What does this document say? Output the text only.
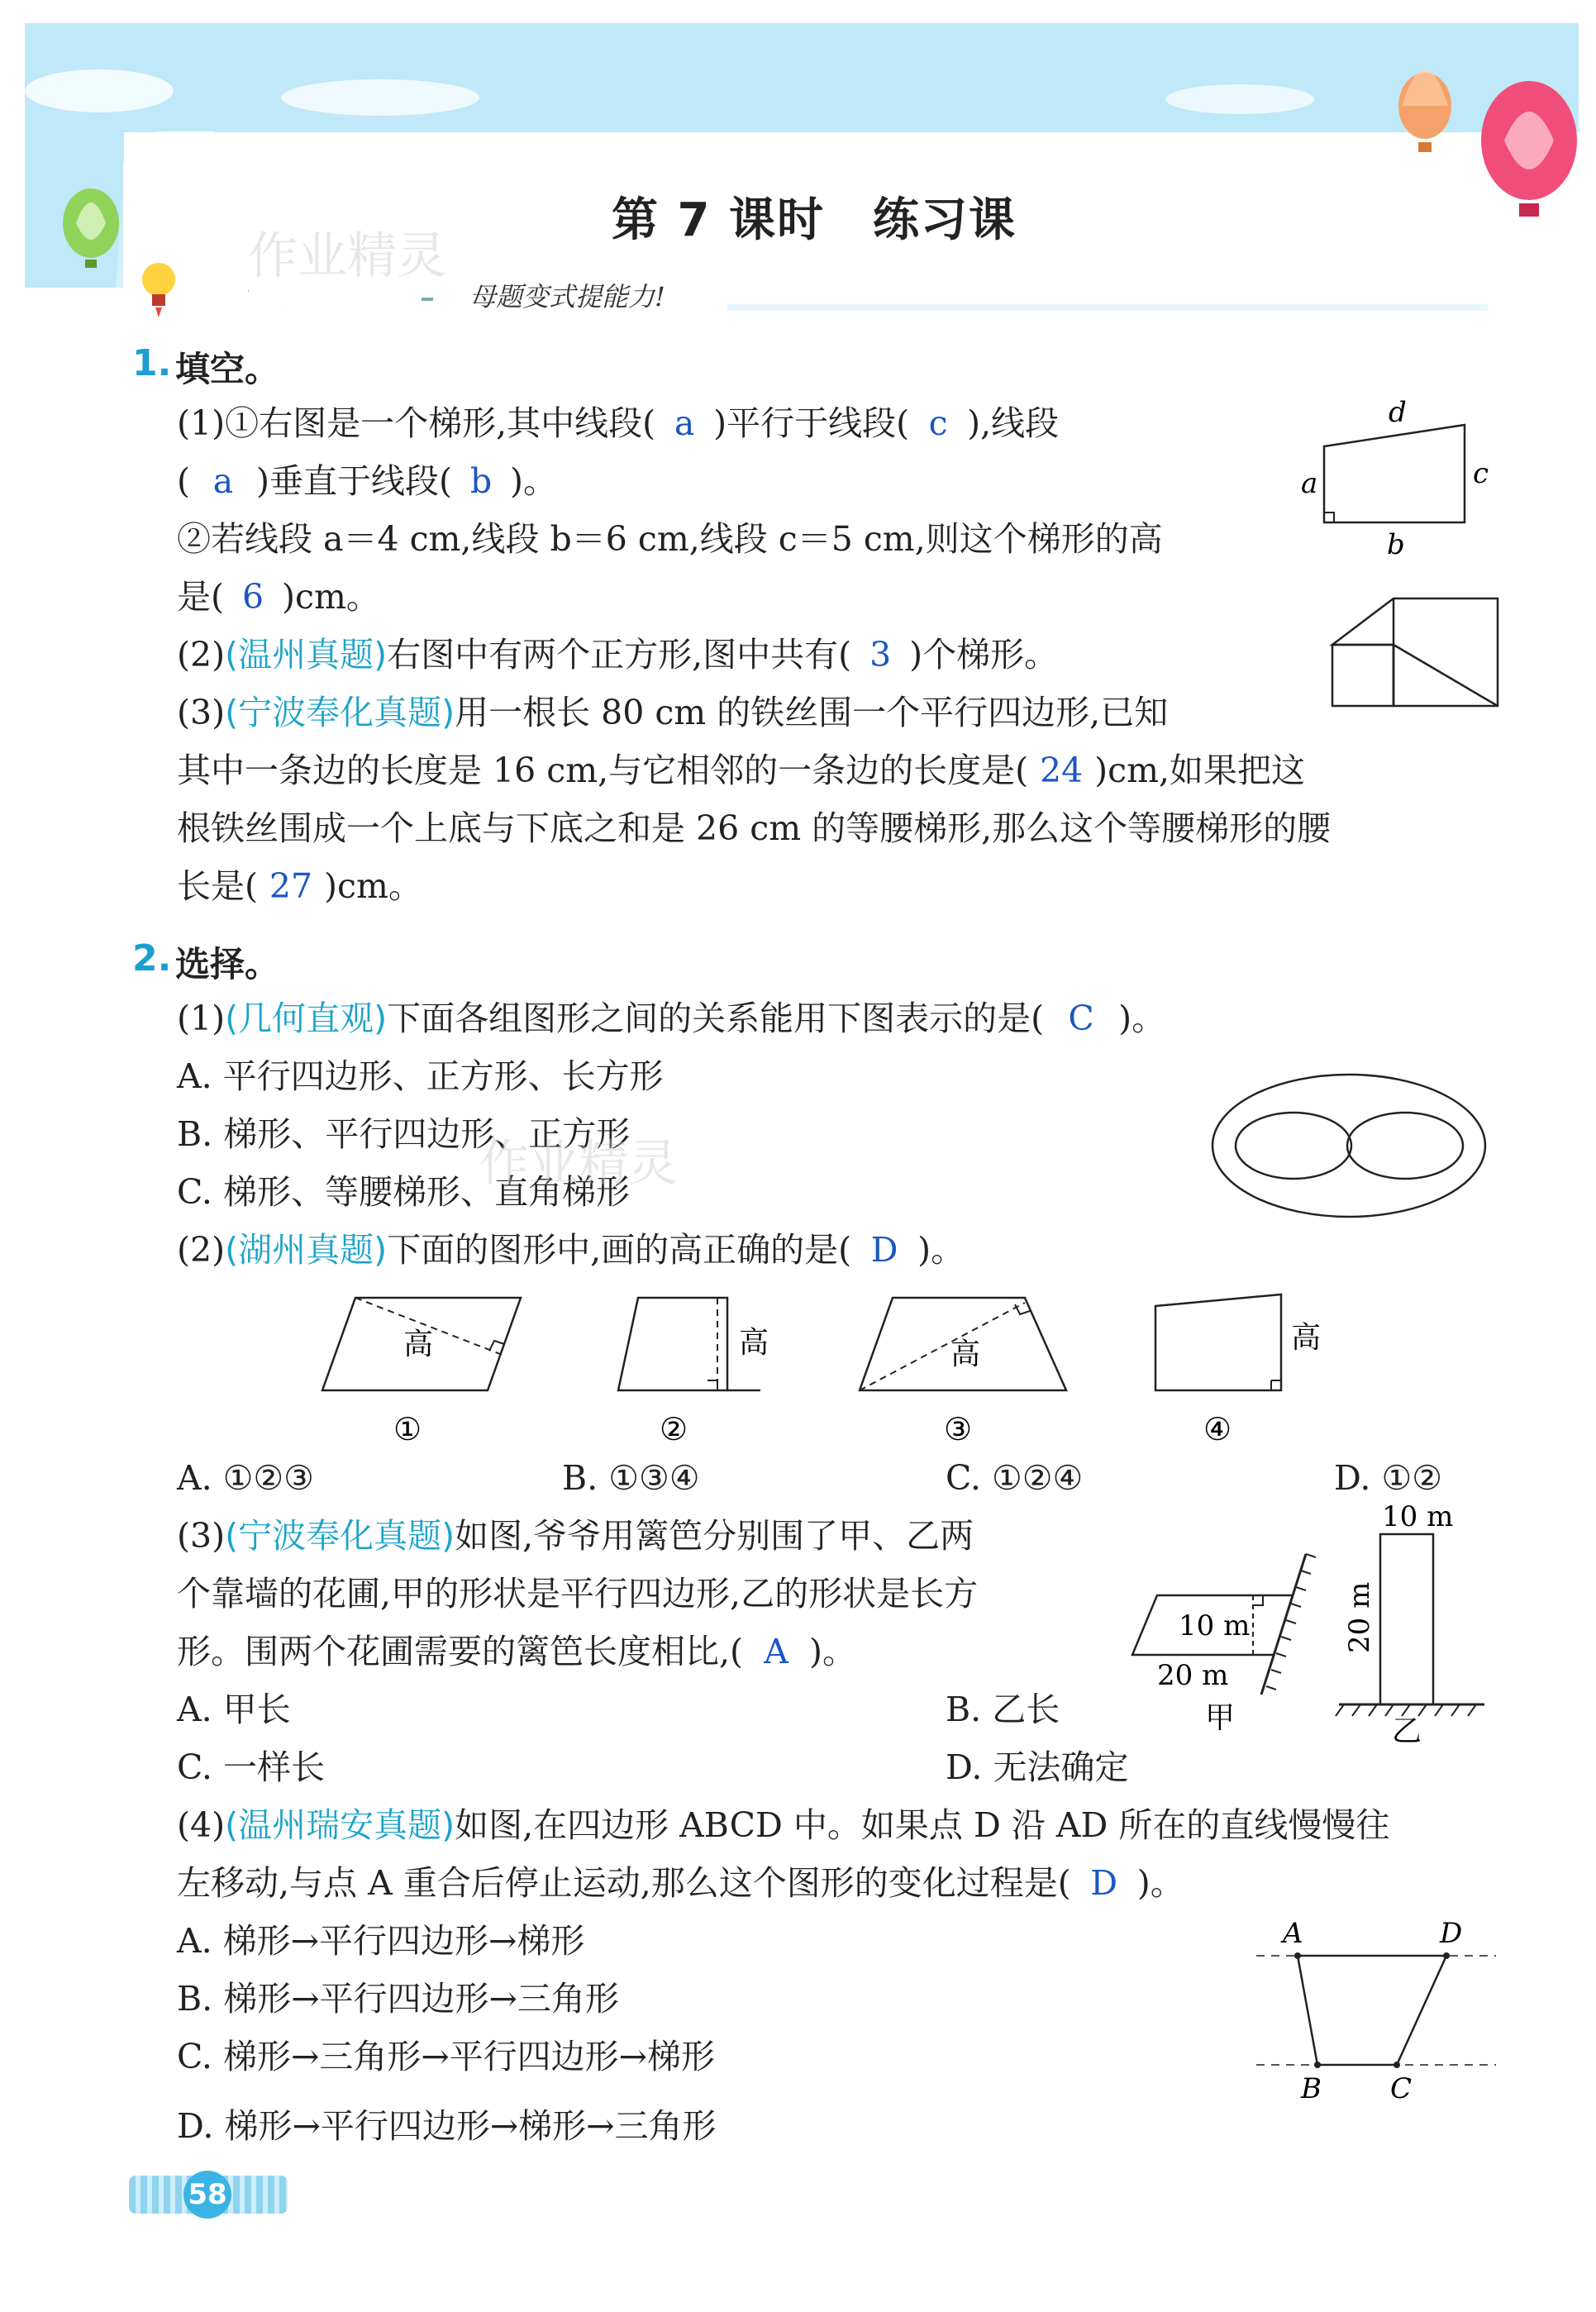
第 7 课时　练习课
基础提升	母题变式提能力!
作业精灵
1. 填空。
(1)①右图是一个梯形,其中线段( a )平行于线段( c ),线段
( a )垂直于线段( b )。
②若线段 a＝4 cm,线段 b＝6 cm,线段 c＝5 cm,则这个梯形的高
是( 6 )cm。
d
a	c
b
(2)(温州真题)右图中有两个正方形,图中共有( 3 )个梯形。
(3)(宁波奉化真题)用一根长 80 cm 的铁丝围一个平行四边形,已知
其中一条边的长度是 16 cm,与它相邻的一条边的长度是( 24 )cm,如果把这
根铁丝围成一个上底与下底之和是 26 cm 的等腰梯形,那么这个等腰梯形的腰
长是( 27 )cm。
2. 选择。
(1)(几何直观)下面各组图形之间的关系能用下图表示的是( C )。
A. 平行四边形、正方形、长方形
B. 梯形、平行四边形、正方形
C. 梯形、等腰梯形、直角梯形
作业精灵
(2)(湖州真题)下面的图形中,画的高正确的是( D )。
高
①
高
②
高
③
高
④
A. ①②③	B. ①③④	C. ①②④	D. ①②
(3)(宁波奉化真题)如图,爷爷用篱笆分别围了甲、乙两
个靠墙的花圃,甲的形状是平行四边形,乙的形状是长方
形。围两个花圃需要的篱笆长度相比,( A )。
A. 甲长	B. 乙长
C. 一样长	D. 无法确定
10 m
20 m
甲
10 m
20 m
乙
(4)(温州瑞安真题)如图,在四边形 ABCD 中。如果点 D 沿 AD 所在的直线慢慢往
左移动,与点 A 重合后停止运动,那么这个图形的变化过程是( D )。
A. 梯形→平行四边形→梯形
B. 梯形→平行四边形→三角形
C. 梯形→三角形→平行四边形→梯形
D. 梯形→平行四边形→梯形→三角形
A	D
B C
58
